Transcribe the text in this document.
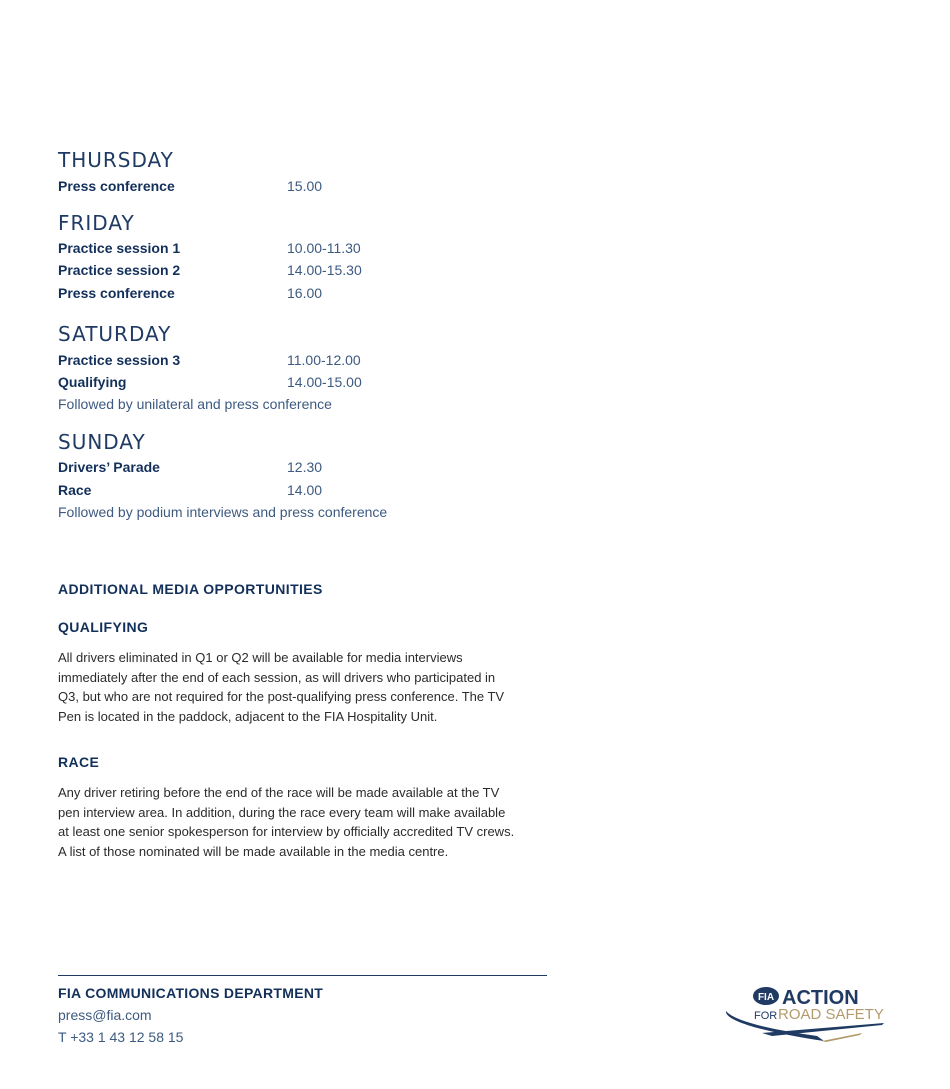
THURSDAY
Press conference	15.00
FRIDAY
Practice session 1	10.00-11.30
Practice session 2	14.00-15.30
Press conference	16.00
SATURDAY
Practice session 3	11.00-12.00
Qualifying	14.00-15.00
Followed by unilateral and press conference
SUNDAY
Drivers’ Parade	12.30
Race	14.00
Followed by podium interviews and press conference
ADDITIONAL MEDIA OPPORTUNITIES
QUALIFYING
All drivers eliminated in Q1 or Q2 will be available for media interviews
immediately after the end of each session, as will drivers who participated in
Q3, but who are not required for the post-qualifying press conference. The TV
Pen is located in the paddock, adjacent to the FIA Hospitality Unit.
RACE
Any driver retiring before the end of the race will be made available at the TV
pen interview area. In addition, during the race every team will make available
at least one senior spokesperson for interview by officially accredited TV crews.
A list of those nominated will be made available in the media centre.
FIA COMMUNICATIONS DEPARTMENT
press@fia.com
T +33 1 43 12 58 15
FIA ACTION
FOR ROAD SAFETY
